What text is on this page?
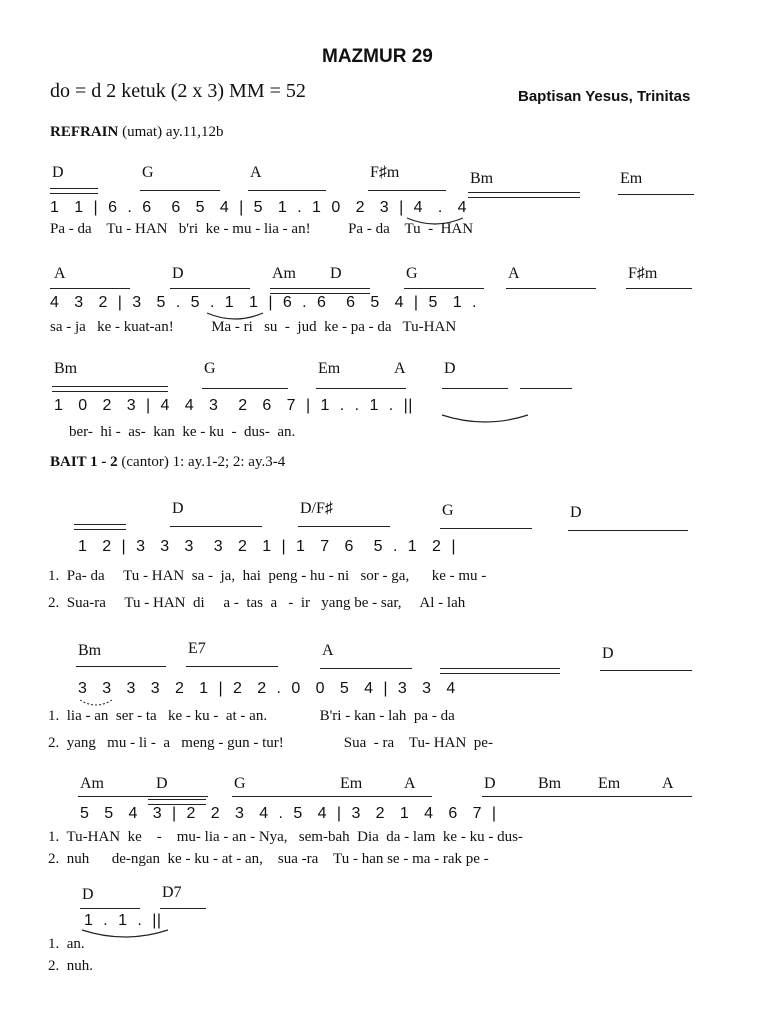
MAZMUR 29
do = d 2 ketuk (2 x 3) MM = 52	Baptisan Yesus, Trinitas
REFRAIN (umat) ay.11,12b
D	G	A	F♯m	Bm	Em
1   1  |  6  .  6    6   5   4  |  5   1  .  1  0   2   3  |  4   .   4
Pa - da    Tu - HAN   b'ri  ke - mu - lia - an!          Pa - da    Tu  -  HAN
A	D	Am D	G	A	F♯m
4   3   2  |  3   5  .  5  .  1   1  |  6  .  6    6   5   4  |  5   1  .
sa - ja   ke - kuat-an!          Ma - ri   su  -  jud  ke - pa - da   Tu-HAN
Bm	G	Em	A D
1   0   2   3  |  4   4   3    2   6   7  |  1  .  .  1  .  ||
ber-  hi -  as-  kan  ke - ku  -  dus-  an.
BAIT 1 - 2 (cantor) 1: ay.1-2; 2: ay.3-4
D	D/F♯	G	D
1   2  |  3   3   3    3   2   1  |  1   7   6    5  .  1   2  |
1.  Pa- da     Tu - HAN  sa -  ja,  hai  peng - hu - ni   sor - ga,      ke - mu -
2.  Sua-ra     Tu - HAN  di     a -  tas  a   -  ir   yang be - sar,     Al - lah
Bm	E7	A	D
3   3   3   3   2   1  |  2   2  .  0   0   5   4  |  3   3   4
1.  lia - an  ser - ta   ke - ku -  at - an.              B'ri - kan - lah  pa - da
2.  yang   mu - li -  a   meng - gun - tur!                Sua  - ra    Tu- HAN  pe-
Am	D	G	Em	A	D	Bm Em	A
5   5   4   3  |  2   2   3   4  .  5   4  |  3   2   1   4   6   7  |
1.  Tu-HAN  ke    -    mu- lia - an - Nya,   sem-bah  Dia  da - lam  ke - ku - dus-
2.  nuh      de-ngan  ke - ku - at - an,    sua -ra    Tu - han se - ma - rak pe -
D	D7
1  .  1  .  ||
1.  an.
2.  nuh.
